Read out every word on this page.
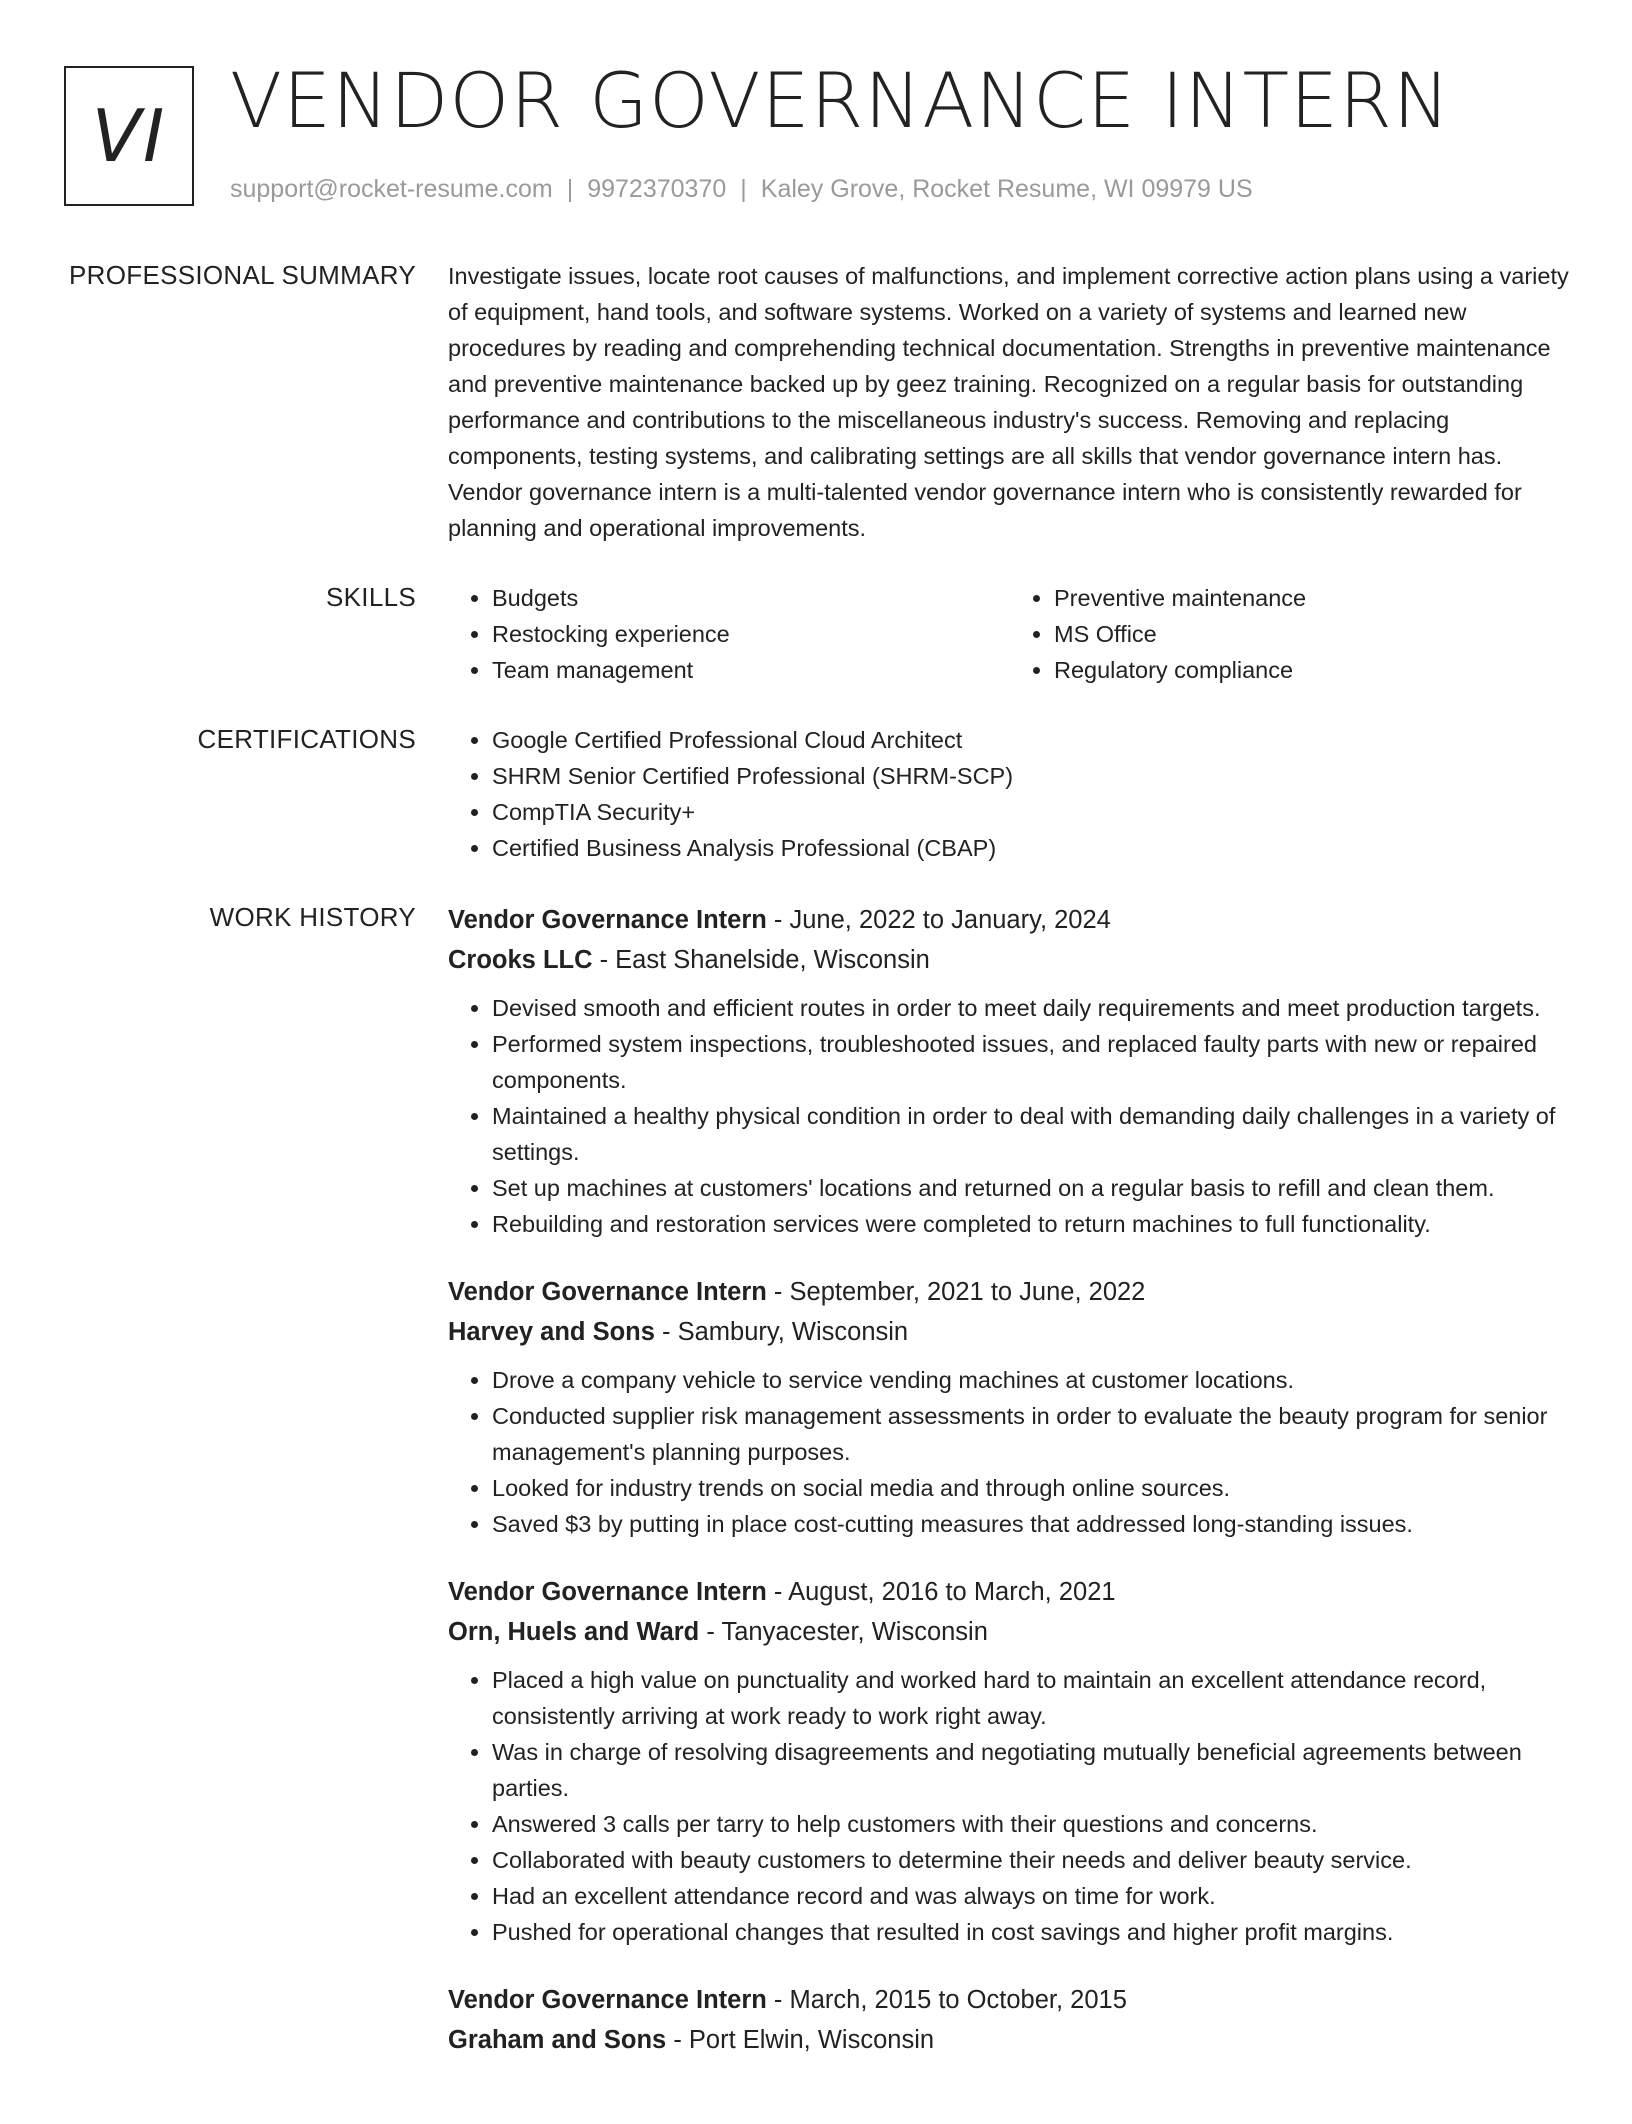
VI VENDOR GOVERNANCE INTERN
support@rocket-resume.com | 9972370370 | Kaley Grove, Rocket Resume, WI 09979 US
PROFESSIONAL SUMMARY Investigate issues, locate root causes of malfunctions, and implement corrective action plans using a variety of equipment, hand tools, and software systems. Worked on a variety of systems and learned new procedures by reading and comprehending technical documentation. Strengths in preventive maintenance and preventive maintenance backed up by geez training. Recognized on a regular basis for outstanding performance and contributions to the miscellaneous industry's success. Removing and replacing components, testing systems, and calibrating settings are all skills that vendor governance intern has. Vendor governance intern is a multi-talented vendor governance intern who is consistently rewarded for planning and operational improvements.
SKILLS	• Budgets
• Restocking experience
• Team management
• Preventive maintenance
• MS Office
• Regulatory compliance
CERTIFICATIONS	• Google Certified Professional Cloud Architect
• SHRM Senior Certified Professional (SHRM-SCP)
• CompTIA Security+
• Certified Business Analysis Professional (CBAP)
WORK HISTORY Vendor Governance Intern - June, 2022 to January, 2024
Crooks LLC - East Shanelside, Wisconsin
• Devised smooth and efficient routes in order to meet daily requirements and meet production targets.
• Performed system inspections, troubleshooted issues, and replaced faulty parts with new or repaired components.
• Maintained a healthy physical condition in order to deal with demanding daily challenges in a variety of settings.
• Set up machines at customers' locations and returned on a regular basis to refill and clean them.
• Rebuilding and restoration services were completed to return machines to full functionality.
Vendor Governance Intern - September, 2021 to June, 2022
Harvey and Sons - Sambury, Wisconsin
• Drove a company vehicle to service vending machines at customer locations.
• Conducted supplier risk management assessments in order to evaluate the beauty program for senior management's planning purposes.
• Looked for industry trends on social media and through online sources.
• Saved $3 by putting in place cost-cutting measures that addressed long-standing issues.
Vendor Governance Intern - August, 2016 to March, 2021
Orn, Huels and Ward - Tanyacester, Wisconsin
• Placed a high value on punctuality and worked hard to maintain an excellent attendance record, consistently arriving at work ready to work right away.
• Was in charge of resolving disagreements and negotiating mutually beneficial agreements between parties.
• Answered 3 calls per tarry to help customers with their questions and concerns.
• Collaborated with beauty customers to determine their needs and deliver beauty service.
• Had an excellent attendance record and was always on time for work.
• Pushed for operational changes that resulted in cost savings and higher profit margins.
Vendor Governance Intern - March, 2015 to October, 2015
Graham and Sons - Port Elwin, Wisconsin
